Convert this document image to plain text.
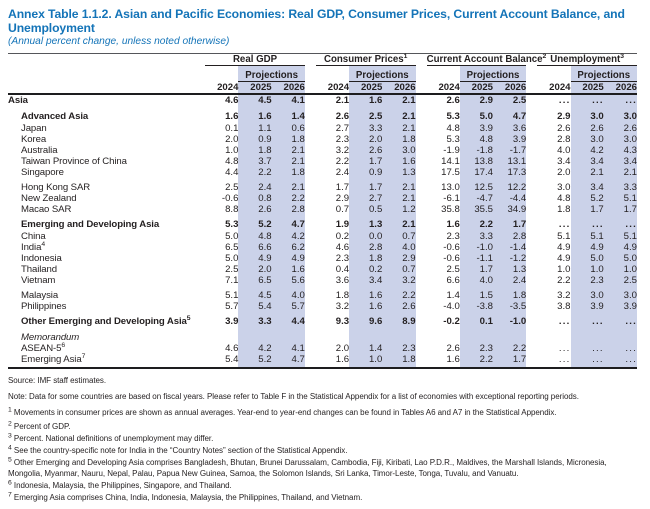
Annex Table 1.1.2. Asian and Pacific Economies: Real GDP, Consumer Prices, Current Account Balance, and Unemployment
(Annual percent change, unless noted otherwise)
	Real GDP				Consumer Prices$^1$				Current Account Balance$^2$				Unemployment$^3$
		Projections				Projections				Projections				Projections	
	2024	2025	2026		2024	2025	2026		2024	2025	2026		2024	2025	2026
Asia	4.6	4.5	4.1		2.1	1.6	2.1		2.6	2.9	2.5		...	...	...
Advanced Asia	1.6	1.6	1.4		2.6	2.5	2.1		5.3	5.0	4.7		2.9	3.0	3.0
Japan	0.1	1.1	0.6		2.7	3.3	2.1		4.8	3.9	3.6		2.6	2.6	2.6
Korea	2.0	0.9	1.8		2.3	2.0	1.8		5.3	4.8	3.9		2.8	3.0	3.0
Australia	1.0	1.8	2.1		3.2	2.6	3.0		-1.9	-1.8	-1.7		4.0	4.2	4.3
Taiwan Province of China	4.8	3.7	2.1		2.2	1.7	1.6		14.1	13.8	13.1		3.4	3.4	3.4
Singapore	4.4	2.2	1.8		2.4	0.9	1.3		17.5	17.4	17.3		2.0	2.1	2.1
Hong Kong SAR	2.5	2.4	2.1		1.7	1.7	2.1		13.0	12.5	12.2		3.0	3.4	3.3
New Zealand	-0.6	0.8	2.2		2.9	2.7	2.1		-6.1	-4.7	-4.4		4.8	5.2	5.1
Macao SAR	8.8	2.6	2.8		0.7	0.5	1.2		35.8	35.5	34.9		1.8	1.7	1.7
Emerging and Developing Asia	5.3	5.2	4.7		1.9	1.3	2.1		1.6	2.2	1.7		...	...	...
China	5.0	4.8	4.2		0.2	0.0	0.7		2.3	3.3	2.8		5.1	5.1	5.1
India$^4$	6.5	6.6	6.2		4.6	2.8	4.0		-0.6	-1.0	-1.4		4.9	4.9	4.9
Indonesia	5.0	4.9	4.9		2.3	1.8	2.9		-0.6	-1.1	-1.2		4.9	5.0	5.0
Thailand	2.5	2.0	1.6		0.4	0.2	0.7		2.5	1.7	1.3		1.0	1.0	1.0
Vietnam	7.1	6.5	5.6		3.6	3.4	3.2		6.6	4.0	2.4		2.2	2.3	2.5
Malaysia	5.1	4.5	4.0		1.8	1.6	2.2		1.4	1.5	1.8		3.2	3.0	3.0
Philippines	5.7	5.4	5.7		3.2	1.6	2.6		-4.0	-3.8	-3.5		3.8	3.9	3.9
Other Emerging and Developing Asia$^5$	3.9	3.3	4.4		9.3	9.6	8.9		-0.2	0.1	-1.0		...	...	...
Memorandum															
ASEAN-$5^6$	4.6	4.2	4.1		2.0	1.4	2.3		2.6	2.3	2.2		...	...	...
Emerging Asia$^7$	5.4	5.2	4.7		1.6	1.0	1.8		1.6	2.2	1.7		...	...	...
Source: IMF staff estimates.
Note: Data for some countries are based on fiscal years. Please refer to Table F in the Statistical Appendix for a list of economies with exceptional reporting periods.
$^1$ Movements in consumer prices are shown as annual averages. Year-end to year-end changes can be found in Tables A6 and A7 in the Statistical Appendix.
$^2$ Percent of GDP.
$^3$ Percent. National definitions of unemployment may differ.
$^4$ See the country-specific note for India in the “Country Notes” section of the Statistical Appendix.
$^5$ Other Emerging and Developing Asia comprises Bangladesh, Bhutan, Brunei Darussalam, Cambodia, Fiji, Kiribati, Lao P.D.R., Maldives, the Marshall Islands, Micronesia, Mongolia, Myanmar, Nauru, Nepal, Palau, Papua New Guinea, Samoa, the Solomon Islands, Sri Lanka, Timor-Leste, Tonga, Tuvalu, and Vanuatu.
$^6$ Indonesia, Malaysia, the Philippines, Singapore, and Thailand.
$^7$ Emerging Asia comprises China, India, Indonesia, Malaysia, the Philippines, Thailand, and Vietnam.
